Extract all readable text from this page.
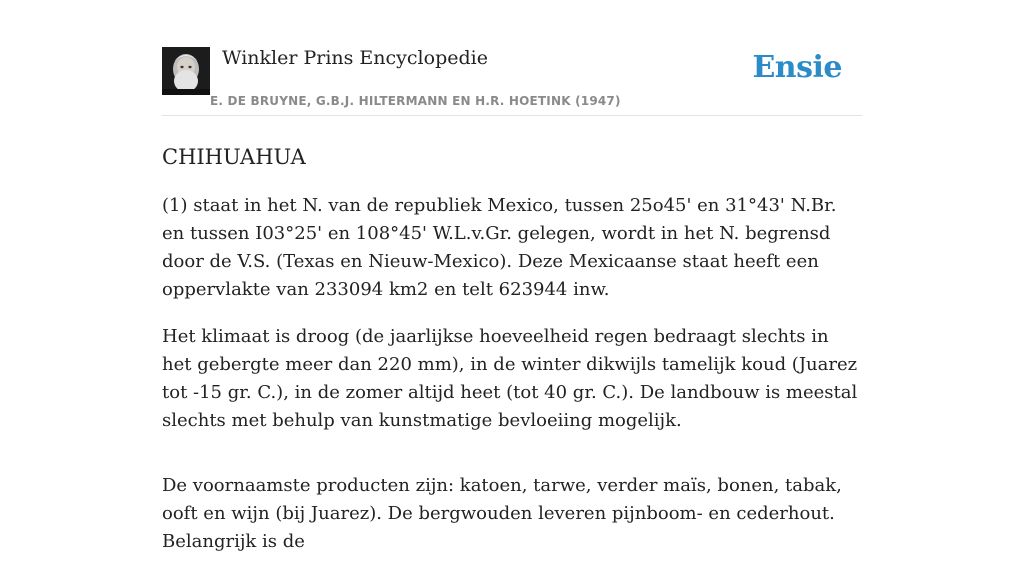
Winkler Prins Encyclopedie
E. DE BRUYNE, G.B.J. HILTERMANN EN H.R. HOETINK (1947)
Ensie
CHIHUAHUA

(1) staat in het N. van de republiek Mexico, tussen 25o45' en 31°43' N.Br. en tussen I03°25' en 108°45' W.L.v.Gr. gelegen, wordt in het N. begrensd door de V.S. (Texas en Nieuw-Mexico). Deze Mexicaanse staat heeft een oppervlakte van 233094 km2 en telt 623944 inw.

Het klimaat is droog (de jaarlijkse hoeveelheid regen bedraagt slechts in het gebergte meer dan 220 mm), in de winter dikwijls tamelijk koud (Juarez tot -15 gr. C.), in de zomer altijd heet (tot 40 gr. C.). De landbouw is meestal slechts met behulp van kunstmatige bevloeiing mogelijk.

De voornaamste producten zijn: katoen, tarwe, verder maïs, bonen, tabak, ooft en wijn (bij Juarez). De bergwouden leveren pijnboom- en cederhout. Belangrijk is de
